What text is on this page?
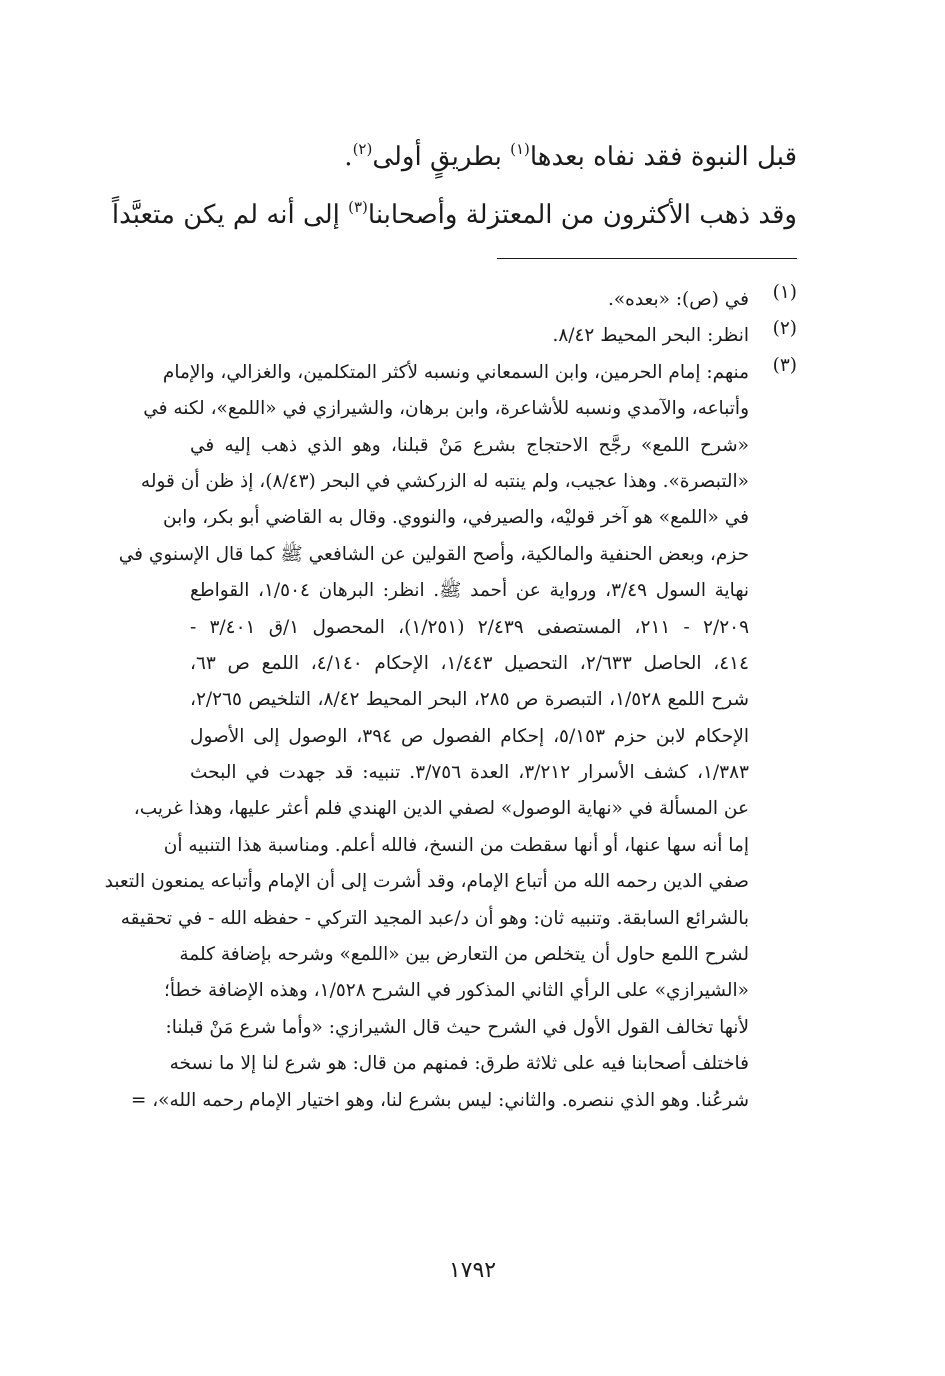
قبل النبوة فقد نفاه بعدها$^{(١)}$ بطريقٍ أولى$^{(٢)}$.
وقد ذهب الأكثرون من المعتزلة وأصحابنا$^{(٣)}$ إلى أنه لم يكن متعبَّداً
(١)
في (ص): «بعده».
(٢)
انظر: البحر المحيط ٨/٤٢.
(٣)
منهم: إمام الحرمين، وابن السمعاني ونسبه لأكثر المتكلمين، والغزالي، والإمام
وأتباعه، والآمدي ونسبه للأشاعرة، وابن برهان، والشيرازي في «اللمع»، لكنه في
«شرح اللمع» رجَّح الاحتجاج بشرع مَنْ قبلنا، وهو الذي ذهب إليه في
«التبصرة». وهذا عجيب، ولم ينتبه له الزركشي في البحر (٨/٤٣)، إذ ظن أن قوله
في «اللمع» هو آخر قوليْه، والصيرفي، والنووي. وقال به القاضي أبو بكر، وابن
حزم، وبعض الحنفية والمالكية، وأصح القولين عن الشافعي ﷺ كما قال الإسنوي في
نهاية السول ٣/٤٩، ورواية عن أحمد ﷺ. انظر: البرهان ١/٥٠٤، القواطع
٢/٢٠٩ - ٢١١، المستصفى ٢/٤٣٩ (١/٢٥١)، المحصول ١/ق ٣/٤٠١ -
٤١٤، الحاصل ٢/٦٣٣، التحصيل ١/٤٤٣، الإحكام ٤/١٤٠، اللمع ص ٦٣،
شرح اللمع ١/٥٢٨، التبصرة ص ٢٨٥، البحر المحيط ٨/٤٢، التلخيص ٢/٢٦٥،
الإحكام لابن حزم ٥/١٥٣، إحكام الفصول ص ٣٩٤، الوصول إلى الأصول
١/٣٨٣، كشف الأسرار ٣/٢١٢، العدة ٣/٧٥٦. تنبيه: قد جهدت في البحث
عن المسألة في «نهاية الوصول» لصفي الدين الهندي فلم أعثر عليها، وهذا غريب،
إما أنه سها عنها، أو أنها سقطت من النسخ، فالله أعلم. ومناسبة هذا التنبيه أن
صفي الدين رحمه الله من أتباع الإمام، وقد أشرت إلى أن الإمام وأتباعه يمنعون التعبد
بالشرائع السابقة. وتنبيه ثان: وهو أن د/عبد المجيد التركي - حفظه الله - في تحقيقه
لشرح اللمع حاول أن يتخلص من التعارض بين «اللمع» وشرحه بإضافة كلمة
«الشيرازي» على الرأي الثاني المذكور في الشرح ١/٥٢٨، وهذه الإضافة خطأ؛
لأنها تخالف القول الأول في الشرح حيث قال الشيرازي: «وأما شرع مَنْ قبلنا:
فاختلف أصحابنا فيه على ثلاثة طرق: فمنهم من قال: هو شرع لنا إلا ما نسخه
شرعُنا. وهو الذي ننصره. والثاني: ليس بشرع لنا، وهو اختيار الإمام رحمه الله»، =
١٧٩٢
